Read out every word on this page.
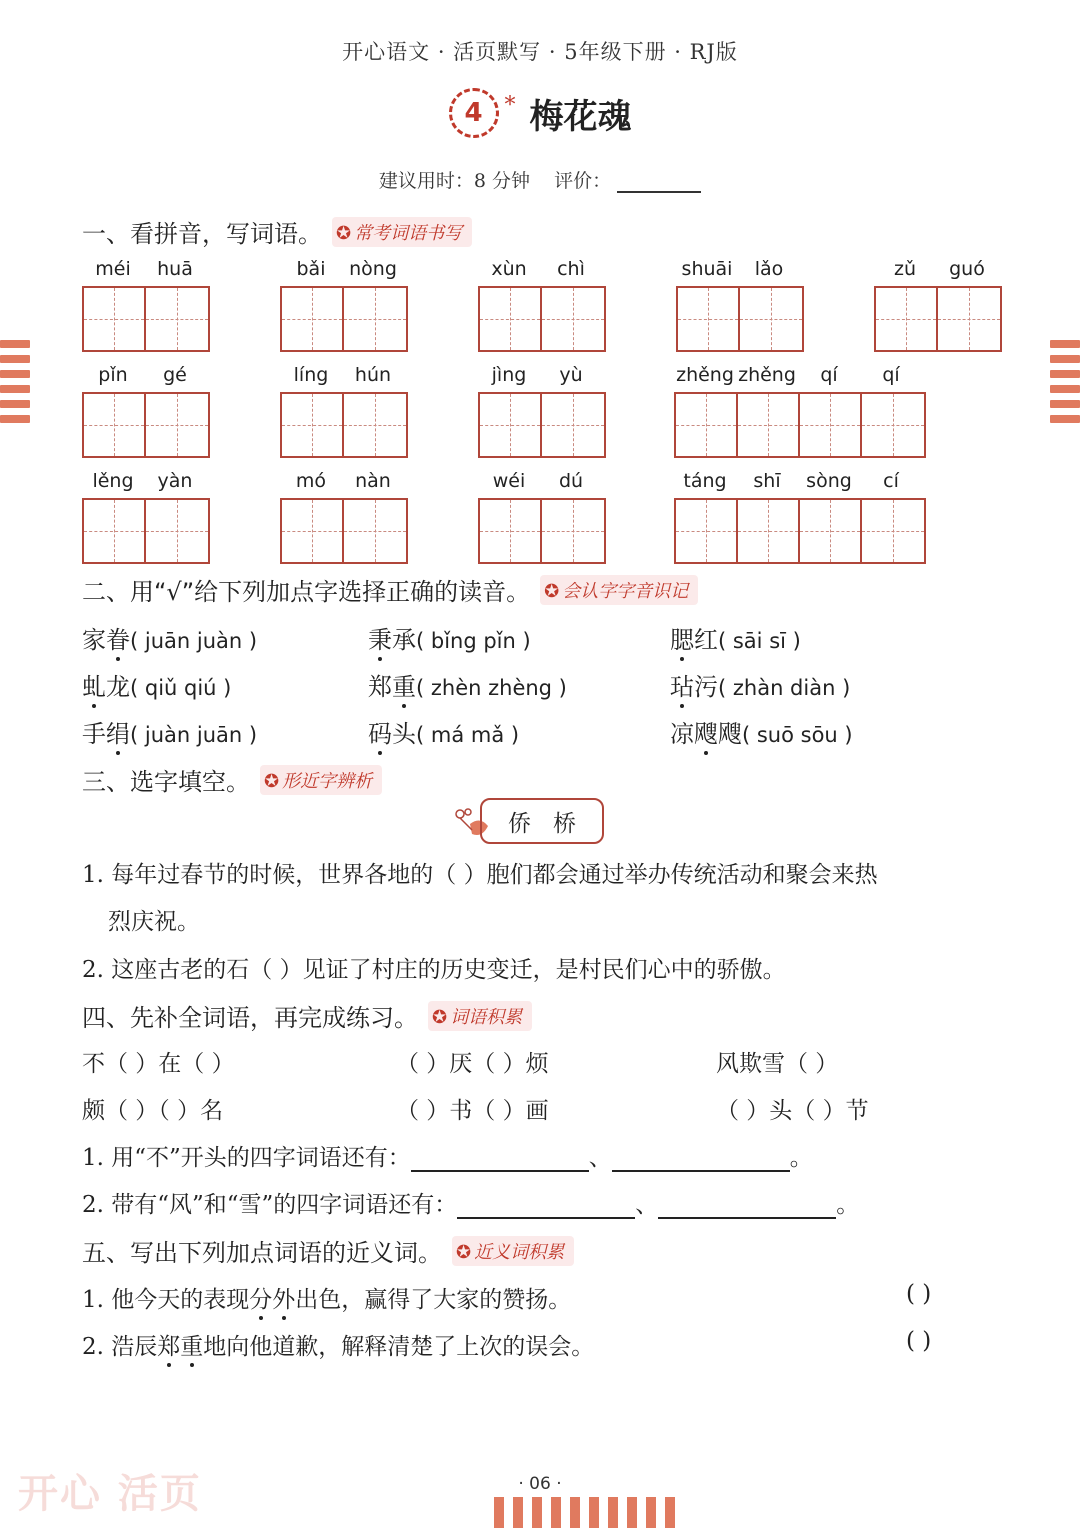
开心语文 · 活页默写 · 5年级下册 · RJ版
4 * 梅花魂
建议用时：8 分钟 评价：
一、看拼音，写词语。	✪ 常考词语书写
méi	huā	bǎi	nòng	xùn	chì	shuāi	lǎo	zǔ	guó
pǐn	gé	líng	hún	jìng	yù	zhěng zhěng	qí	qí
lěng	yàn	mó	nàn	wéi	dú	táng	shī	sòng	cí
二、用“√”给下列加点字选择正确的读音。	✪ 会认字字音识记
家眷( juān juàn )	秉承( bǐng pǐn )	腮红( sāi sī )
虬龙( qiǔ qiú )	郑重( zhèn zhèng )	玷污( zhàn diàn )
手绢( juàn juān )	码头( má mǎ )	凉飕飕( suō sōu )
三、选字填空。	✪ 形近字辨析
侨 桥
1. 每年过春节的时候，世界各地的（ ）胞们都会通过举办传统活动和聚会来热
烈庆祝。
2. 这座古老的石（ ）见证了村庄的历史变迁，是村民们心中的骄傲。
四、先补全词语，再完成练习。	✪ 词语积累
不（ ）在（ ）	（ ）厌（ ）烦	风欺雪（ ）
颇（ ）（ ）名	（ ）书（ ）画	（ ）头（ ）节
1. 用“不”开头的四字词语还有：	、	。
2. 带有“风”和“雪”的四字词语还有：	、	。
五、写出下列加点词语的近义词。	✪ 近义词积累
1. 他今天的表现分外出色，赢得了大家的赞扬。	( )
2. 浩辰郑重地向他道歉，解释清楚了上次的误会。	( )
开心 活页	· 06 ·
